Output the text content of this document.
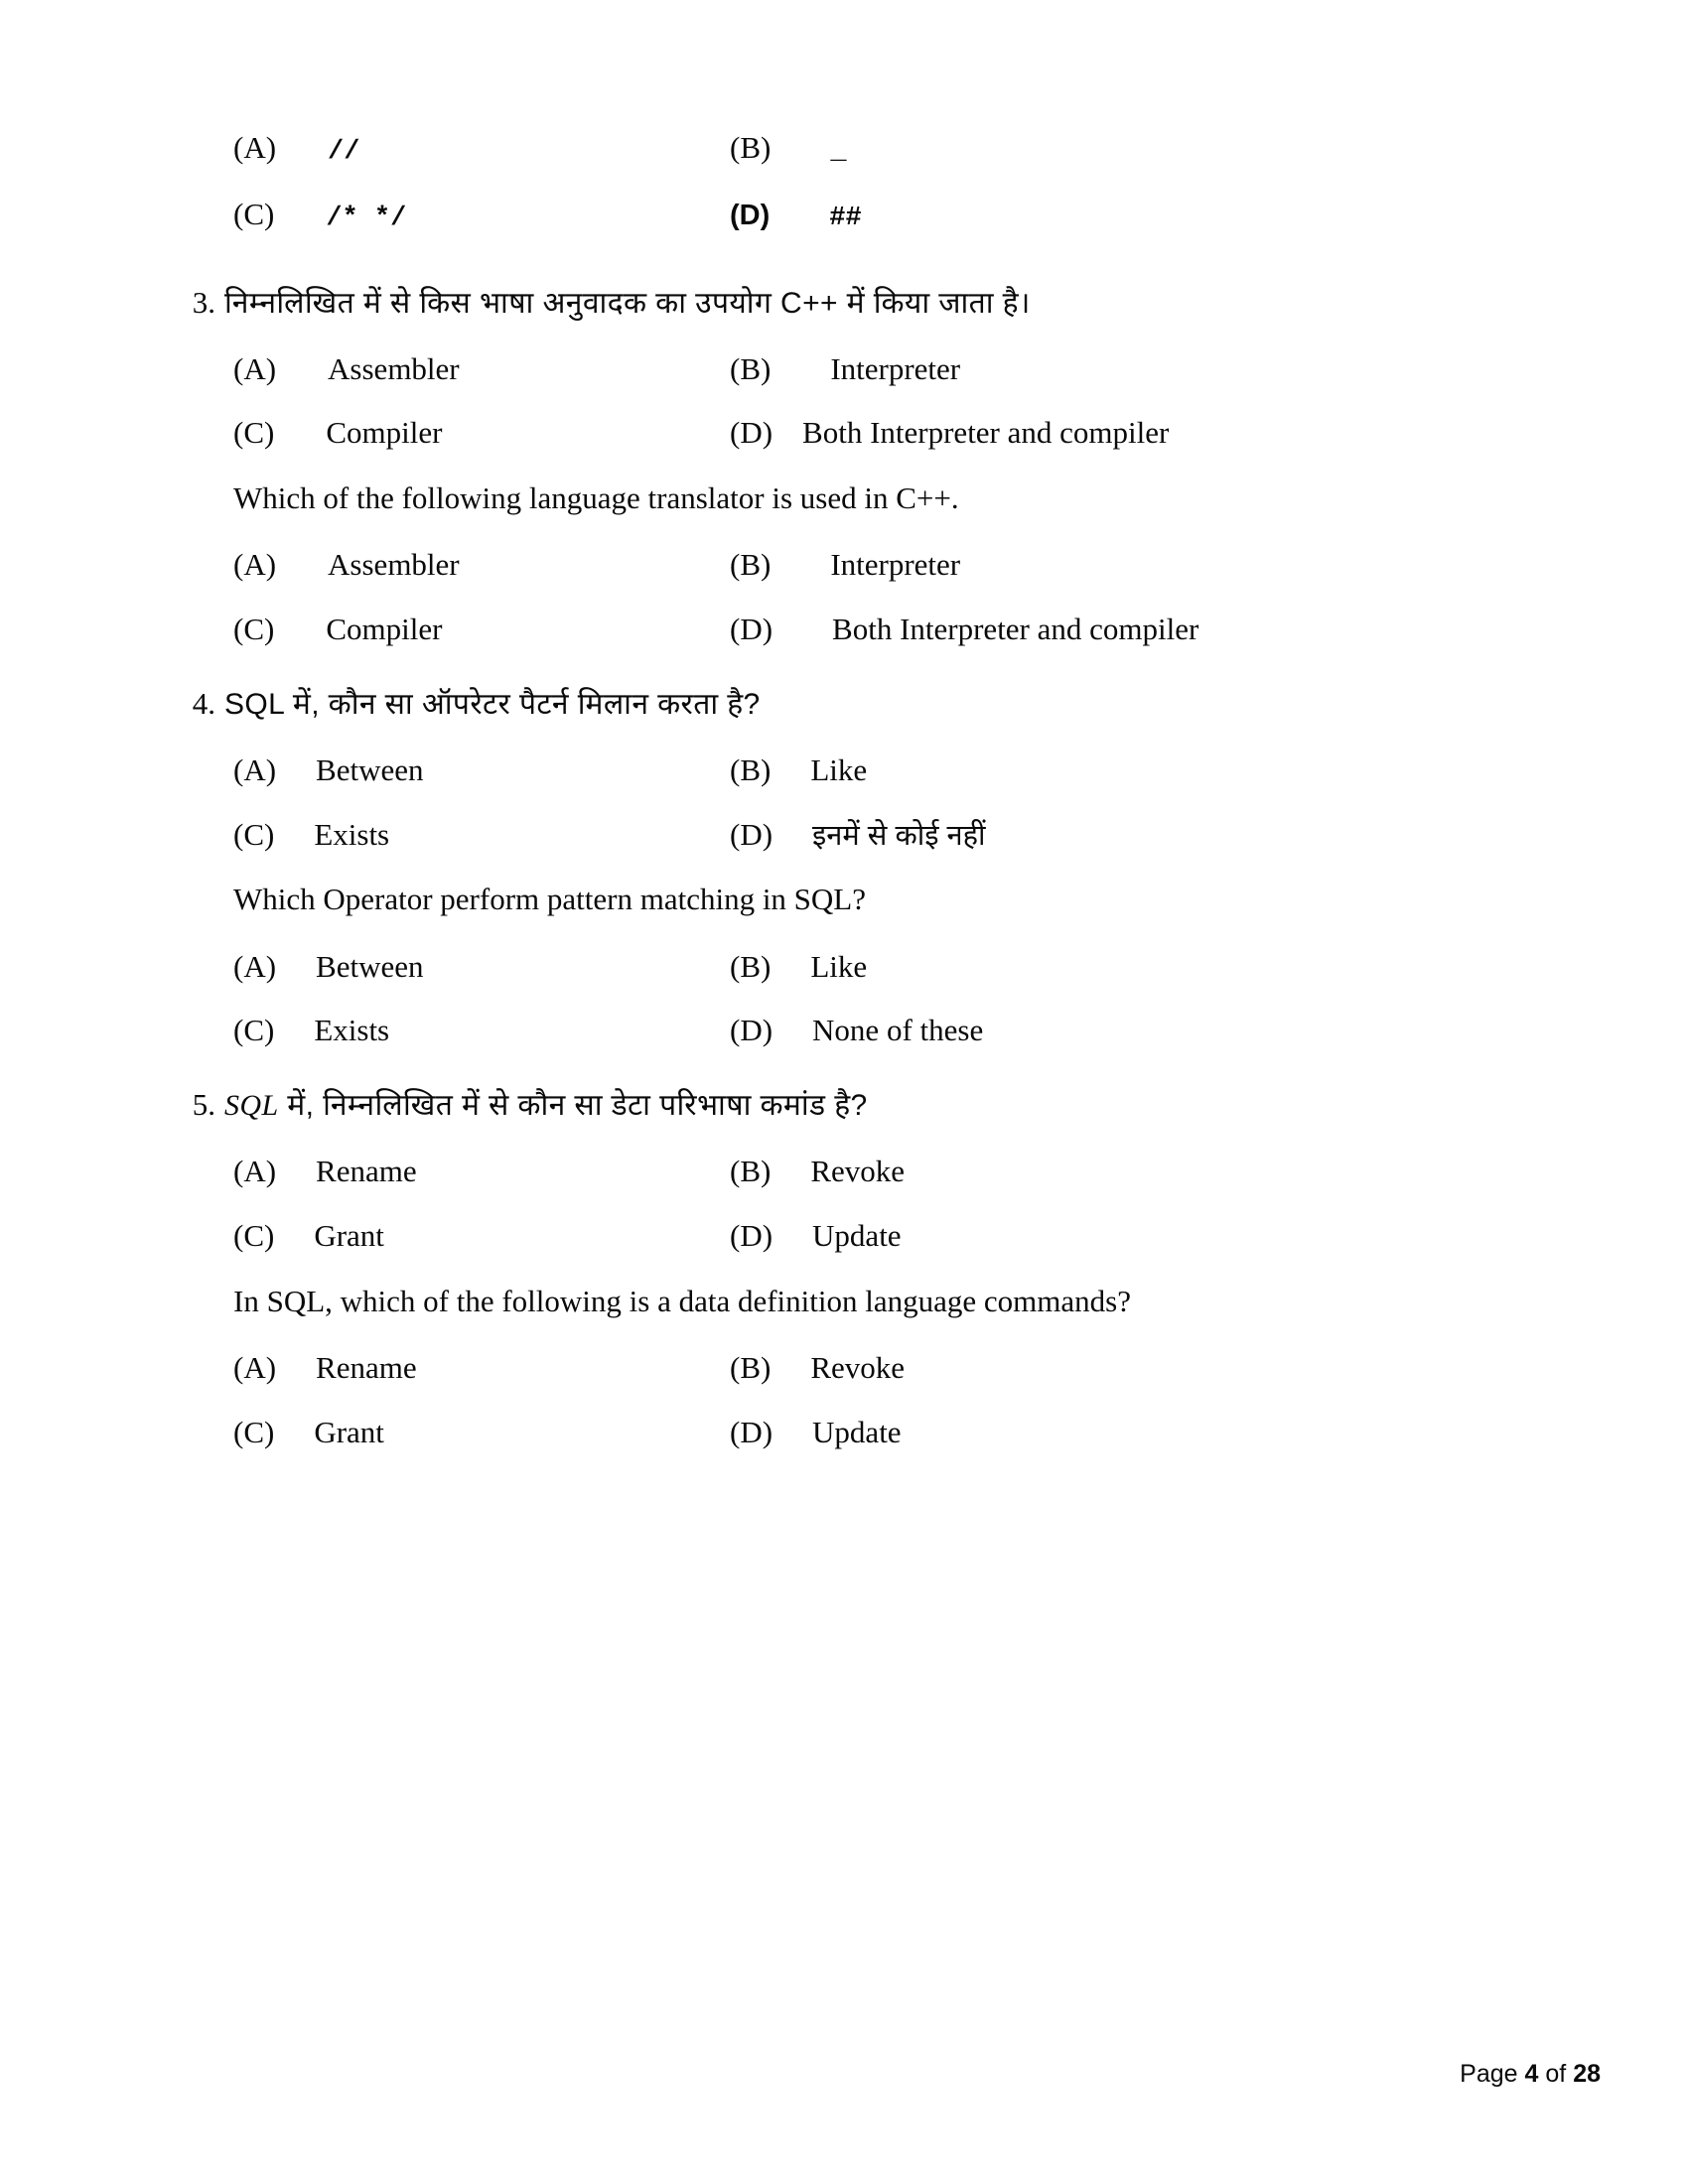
(A) //	(B) _
(C) /* */	(D) ##
3. निम्नलिखित में से किस भाषा अनुवादक का उपयोग C++ में किया जाता है।
(A) Assembler	(B) Interpreter
(C) Compiler	(D) Both Interpreter and compiler
Which of the following language translator is used in C++.
(A) Assembler	(B) Interpreter
(C) Compiler	(D) Both Interpreter and compiler
4. SQL में, कौन सा ऑपरेटर पैटर्न मिलान करता है?
(A) Between	(B) Like
(C) Exists	(D) इनमें से कोई नहीं
Which Operator perform pattern matching in SQL?
(A) Between	(B) Like
(C) Exists	(D) None of these
5. SQL में, निम्नलिखित में से कौन सा डेटा परिभाषा कमांड है?
(A) Rename	(B) Revoke
(C) Grant	(D) Update
In SQL, which of the following is a data definition language commands?
(A) Rename	(B) Revoke
(C) Grant	(D) Update
Page 4 of 28
